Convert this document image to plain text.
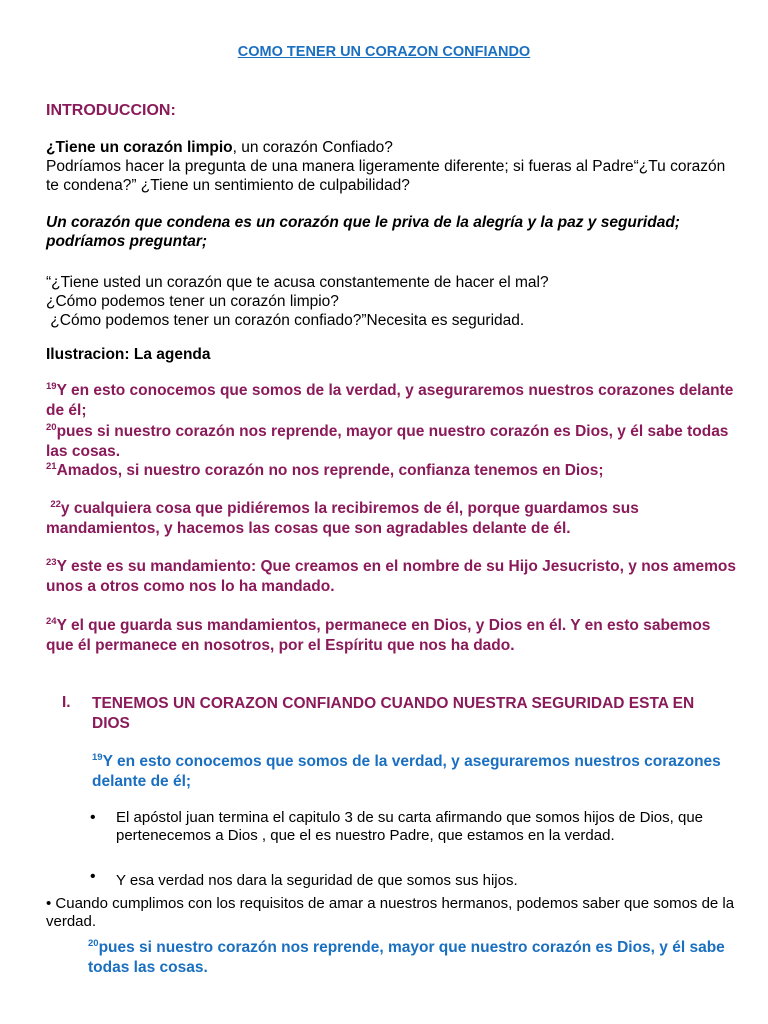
COMO TENER UN CORAZON CONFIANDO
INTRODUCCION:
¿Tiene un corazón limpio, un corazón Confiado?
Podríamos hacer la pregunta de una manera ligeramente diferente; si fueras al Padre“¿Tu corazón te condena?” ¿Tiene un sentimiento de culpabilidad?
Un corazón que condena es un corazón que le priva de la alegría y la paz y seguridad; podríamos preguntar;
“¿Tiene usted un corazón que te acusa constantemente de hacer el mal?
¿Cómo podemos tener un corazón limpio?
¿Cómo podemos tener un corazón confiado?”Necesita es seguridad.
Ilustracion: La agenda
$^{19}$Y en esto conocemos que somos de la verdad, y aseguraremos nuestros corazones delante de él;
$^{20}$pues si nuestro corazón nos reprende, mayor que nuestro corazón es Dios, y él sabe todas las cosas.
$^{21}$Amados, si nuestro corazón no nos reprende, confianza tenemos en Dios;
$^{22}$y cualquiera cosa que pidiéremos la recibiremos de él, porque guardamos sus mandamientos, y hacemos las cosas que son agradables delante de él.
$^{23}$Y este es su mandamiento: Que creamos en el nombre de su Hijo Jesucristo, y nos amemos unos a otros como nos lo ha mandado.
$^{24}$Y el que guarda sus mandamientos, permanece en Dios, y Dios en él. Y en esto sabemos que él permanece en nosotros, por el Espíritu que nos ha dado.
I. TENEMOS UN CORAZON CONFIANDO CUANDO NUESTRA SEGURIDAD ESTA EN DIOS
$^{19}$Y en esto conocemos que somos de la verdad, y aseguraremos nuestros corazones delante de él;
• El apóstol juan termina el capitulo 3 de su carta afirmando que somos hijos de Dios, que pertenecemos a Dios , que el es nuestro Padre, que estamos en la verdad.
• Y esa verdad nos dara la seguridad de que somos sus hijos.
• Cuando cumplimos con los requisitos de amar a nuestros hermanos, podemos saber que somos de la verdad.
$^{20}$pues si nuestro corazón nos reprende, mayor que nuestro corazón es Dios, y él sabe todas las cosas.
